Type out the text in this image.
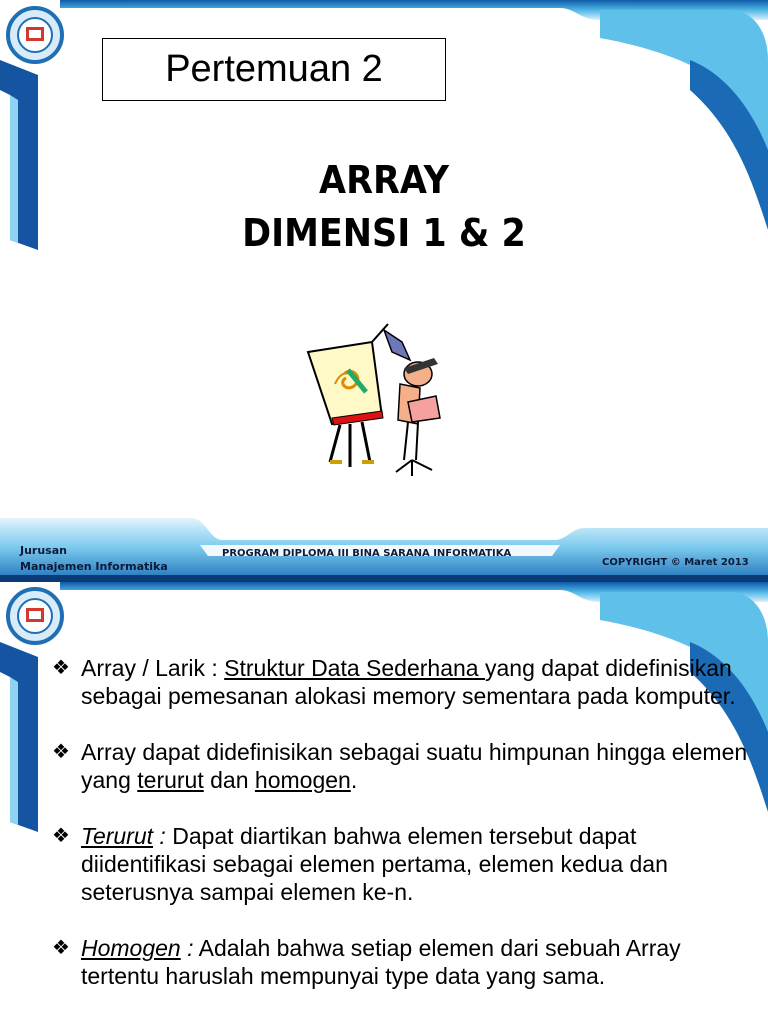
Pertemuan 2
ARRAY
DIMENSI 1 & 2
Jurusan
Manajemen Informatika
PROGRAM DIPLOMA III BINA SARANA INFORMATIKA
COPYRIGHT © Maret 2013
❖ Array / Larik : Struktur Data Sederhana yang dapat didefinisikan sebagai pemesanan alokasi memory sementara pada komputer.
❖ Array dapat didefinisikan sebagai suatu himpunan hingga elemen yang terurut dan homogen.
❖ Terurut : Dapat diartikan bahwa elemen tersebut dapat diidentifikasi sebagai elemen pertama, elemen kedua dan seterusnya sampai elemen ke-n.
❖ Homogen : Adalah bahwa setiap elemen dari sebuah Array tertentu haruslah mempunyai type data yang sama.
